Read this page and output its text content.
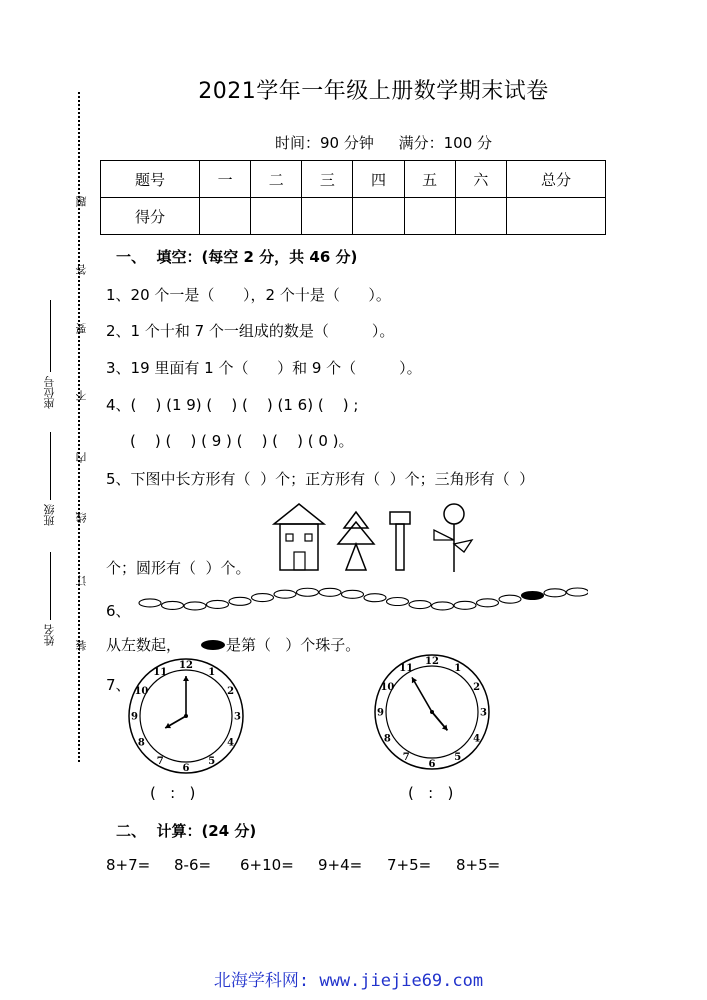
题
答
要
不
内
线
订
装
座位号
班级
姓名
2021学年一年级上册数学期末试卷
时间：90 分钟 满分：100 分
题号	一	二	三	四	五	六	总分
得分							
一、  填空：(每空 2 分，共 46 分)
1、20 个一是（      ），2 个十是（      ）。
2、1 个十和 7 个一组成的数是（         ）。
3、19 里面有 1 个（      ）和 9 个（         ）。
4、(    ) (1 9) (    ) (    ) (1 6) (    ) ;
(    ) (    ) ( 9 ) (    ) (    ) ( 0 )。
5、下图中长方形有（  ）个；正方形有（  ）个；三角形有（  ）
个；圆形有（  ）个。
6、
从左数起，	是第（   ）个珠子。
7、
12
1
2
3
4
5
6
7
8
9
10
11
12
1
2
3
4
5
6
7
8
9
10
11
(   :   )	(   :   )
二、  计算：(24 分)
8+7= 8-6= 6+10= 9+4= 7+5= 8+5=
北海学科网: www.jiejie69.com
